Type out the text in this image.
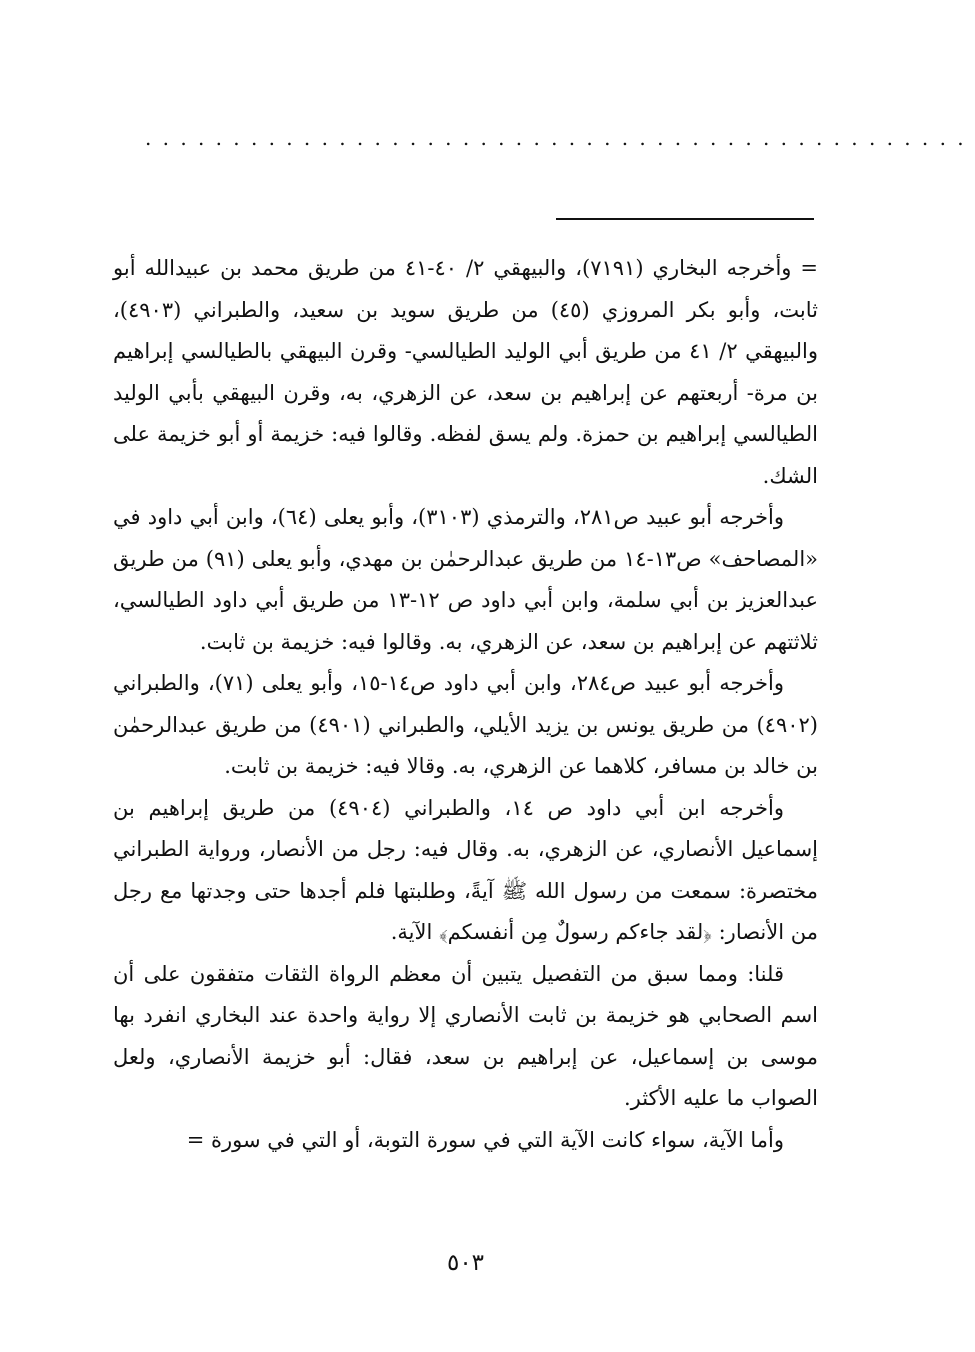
...............................................

= وأخرجه البخاري (٧١٩١)، والبيهقي ٢/ ٤٠-٤١ من طريق محمد بن عبيدالله أبو ثابت، وأبو بكر المروزي (٤٥) من طريق سويد بن سعيد، والطبراني (٤٩٠٣)، والبيهقي ٢/ ٤١ من طريق أبي الوليد الطيالسي- وقرن البيهقي بالطيالسي إبراهيم بن مرة- أربعتهم عن إبراهيم بن سعد، عن الزهري، به، وقرن البيهقي بأبي الوليد الطيالسي إبراهيم بن حمزة. ولم يسق لفظه. وقالوا فيه: خزيمة أو أبو خزيمة على الشك.

وأخرجه أبو عبيد ص٢٨١، والترمذي (٣١٠٣)، وأبو يعلى (٦٤)، وابن أبي داود في «المصاحف» ص١٣-١٤ من طريق عبدالرحمٰن بن مهدي، وأبو يعلى (٩١) من طريق عبدالعزيز بن أبي سلمة، وابن أبي داود ص ١٢-١٣ من طريق أبي داود الطيالسي، ثلاثتهم عن إبراهيم بن سعد، عن الزهري، به. وقالوا فيه: خزيمة بن ثابت.

وأخرجه أبو عبيد ص٢٨٤، وابن أبي داود ص١٤-١٥، وأبو يعلى (٧١)، والطبراني (٤٩٠٢) من طريق يونس بن يزيد الأيلي، والطبراني (٤٩٠١) من طريق عبدالرحمٰن بن خالد بن مسافر، كلاهما عن الزهري، به. وقالا فيه: خزيمة بن ثابت.

وأخرجه ابن أبي داود ص ١٤، والطبراني (٤٩٠٤) من طريق إبراهيم بن إسماعيل الأنصاري، عن الزهري، به. وقال فيه: رجل من الأنصار، ورواية الطبراني مختصرة: سمعت من رسول الله ﷺ آيةً، وطلبتها فلم أجدها حتى وجدتها مع رجل من الأنصار: ﴿لقد جاءكم رسولٌ مِن أنفسكم﴾ الآية.

قلنا: ومما سبق من التفصيل يتبين أن معظم الرواة الثقات متفقون على أن اسم الصحابي هو خزيمة بن ثابت الأنصاري إلا رواية واحدة عند البخاري انفرد بها موسى بن إسماعيل، عن إبراهيم بن سعد، فقال: أبو خزيمة الأنصاري، ولعل الصواب ما عليه الأكثر.

وأما الآية، سواء كانت الآية التي في سورة التوبة، أو التي في سورة =

٥٠٣
